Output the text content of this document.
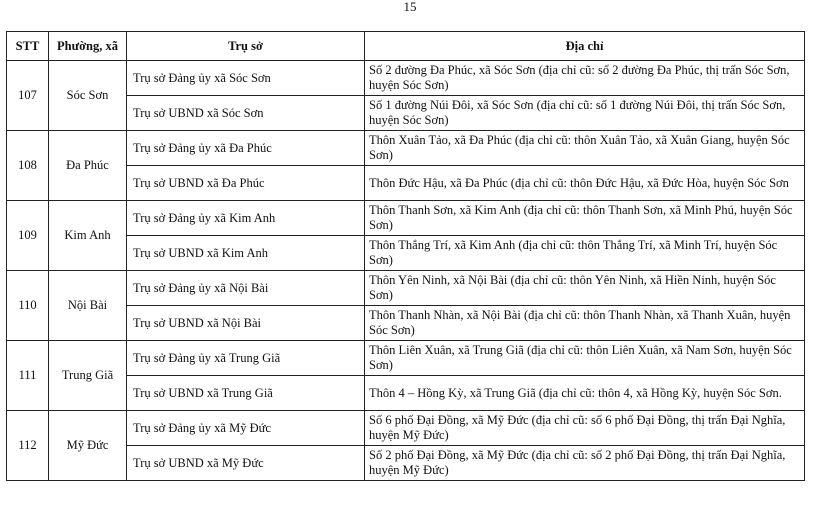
15
STT	Phường, xã	Trụ sở	Địa chỉ
107	Sóc Sơn	Trụ sở Đảng ủy xã Sóc Sơn	Số 2 đường Đa Phúc, xã Sóc Sơn (địa chỉ cũ: số 2 đường Đa Phúc, thị trấn Sóc Sơn, huyện Sóc Sơn)
		Trụ sở UBND xã Sóc Sơn	Số 1 đường Núi Đôi, xã Sóc Sơn (địa chỉ cũ: số 1 đường Núi Đôi, thị trấn Sóc Sơn, huyện Sóc Sơn)
108	Đa Phúc	Trụ sở Đảng ủy xã Đa Phúc	Thôn Xuân Tảo, xã Đa Phúc (địa chỉ cũ: thôn Xuân Tảo, xã Xuân Giang, huyện Sóc Sơn)
		Trụ sở UBND xã Đa Phúc	Thôn Đức Hậu, xã Đa Phúc (địa chỉ cũ: thôn Đức Hậu, xã Đức Hòa, huyện Sóc Sơn
109	Kim Anh	Trụ sở Đảng ủy xã Kim Anh	Thôn Thanh Sơn, xã Kim Anh (địa chỉ cũ: thôn Thanh Sơn, xã Minh Phú, huyện Sóc Sơn)
		Trụ sở UBND xã Kim Anh	Thôn Thắng Trí, xã Kim Anh (địa chỉ cũ: thôn Thắng Trí, xã Minh Trí, huyện Sóc Sơn)
110	Nội Bài	Trụ sở Đảng ủy xã Nội Bài	Thôn Yên Ninh, xã Nội Bài (địa chỉ cũ: thôn Yên Ninh, xã Hiền Ninh, huyện Sóc Sơn)
		Trụ sở UBND xã Nội Bài	Thôn Thanh Nhàn, xã Nội Bài (địa chỉ cũ: thôn Thanh Nhàn, xã Thanh Xuân, huyện Sóc Sơn)
111	Trung Giã	Trụ sở Đảng ủy xã Trung Giã	Thôn Liên Xuân, xã Trung Giã (địa chỉ cũ: thôn Liên Xuân, xã Nam Sơn, huyện Sóc Sơn)
		Trụ sở UBND xã Trung Giã	Thôn 4 – Hồng Kỳ, xã Trung Giã (địa chỉ cũ: thôn 4, xã Hồng Kỳ, huyện Sóc Sơn.
112	Mỹ Đức	Trụ sở Đảng ủy xã Mỹ Đức	Số 6 phố Đại Đồng, xã Mỹ Đức (địa chỉ cũ: số 6 phố Đại Đồng, thị trấn Đại Nghĩa, huyện Mỹ Đức)
		Trụ sở UBND xã Mỹ Đức	Số 2 phố Đại Đồng, xã Mỹ Đức (địa chỉ cũ: số 2 phố Đại Đồng, thị trấn Đại Nghĩa, huyện Mỹ Đức)
